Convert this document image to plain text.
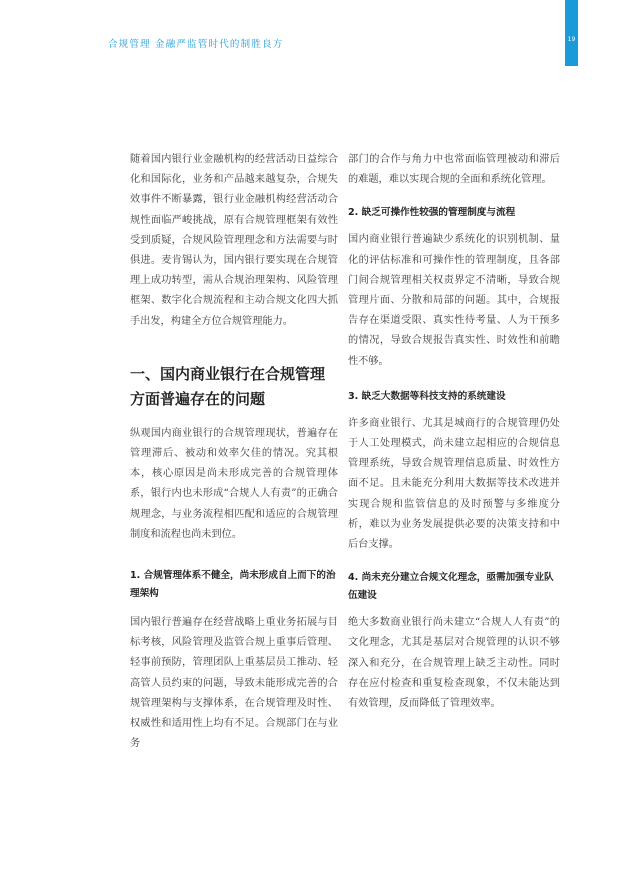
合规管理 金融严监管时代的制胜良方	19

随着国内银行业金融机构的经营活动日益综合化和国际化，业务和产品越来越复杂，合规失效事件不断暴露，银行业金融机构经营活动合规性面临严峻挑战，原有合规管理框架有效性受到质疑，合规风险管理理念和方法需要与时俱进。麦肯锡认为，国内银行要实现在合规管理上成功转型，需从合规治理架构、风险管理框架、数字化合规流程和主动合规文化四大抓手出发，构建全方位合规管理能力。

一、国内商业银行在合规管理方面普遍存在的问题

纵观国内商业银行的合规管理现状，普遍存在管理滞后、被动和效率欠佳的情况。究其根本，核心原因是尚未形成完善的合规管理体系，银行内也未形成“合规人人有责”的正确合规理念，与业务流程相匹配和适应的合规管理制度和流程也尚未到位。

1. 合规管理体系不健全，尚未形成自上而下的治理架构

国内银行普遍存在经营战略上重业务拓展与目标考核，风险管理及监管合规上重事后管理、轻事前预防，管理团队上重基层员工推动、轻高管人员约束的问题，导致未能形成完善的合规管理架构与支撑体系，在合规管理及时性、权威性和适用性上均有不足。合规部门在与业务

部门的合作与角力中也常面临管理被动和滞后的难题，难以实现合规的全面和系统化管理。

2. 缺乏可操作性较强的管理制度与流程

国内商业银行普遍缺少系统化的识别机制、量化的评估标准和可操作性的管理制度，且各部门间合规管理相关权责界定不清晰，导致合规管理片面、分散和局部的问题。其中，合规报告存在渠道受限、真实性待考量、人为干预多的情况，导致合规报告真实性、时效性和前瞻性不够。

3. 缺乏大数据等科技支持的系统建设

许多商业银行、尤其是城商行的合规管理仍处于人工处理模式，尚未建立起相应的合规信息管理系统，导致合规管理信息质量、时效性方面不足。且未能充分利用大数据等技术改进并实现合规和监管信息的及时预警与多维度分析，难以为业务发展提供必要的决策支持和中后台支撑。

4. 尚未充分建立合规文化理念，亟需加强专业队伍建设

绝大多数商业银行尚未建立“合规人人有责”的文化理念，尤其是基层对合规管理的认识不够深入和充分，在合规管理上缺乏主动性。同时存在应付检查和重复检查现象，不仅未能达到有效管理，反而降低了管理效率。
